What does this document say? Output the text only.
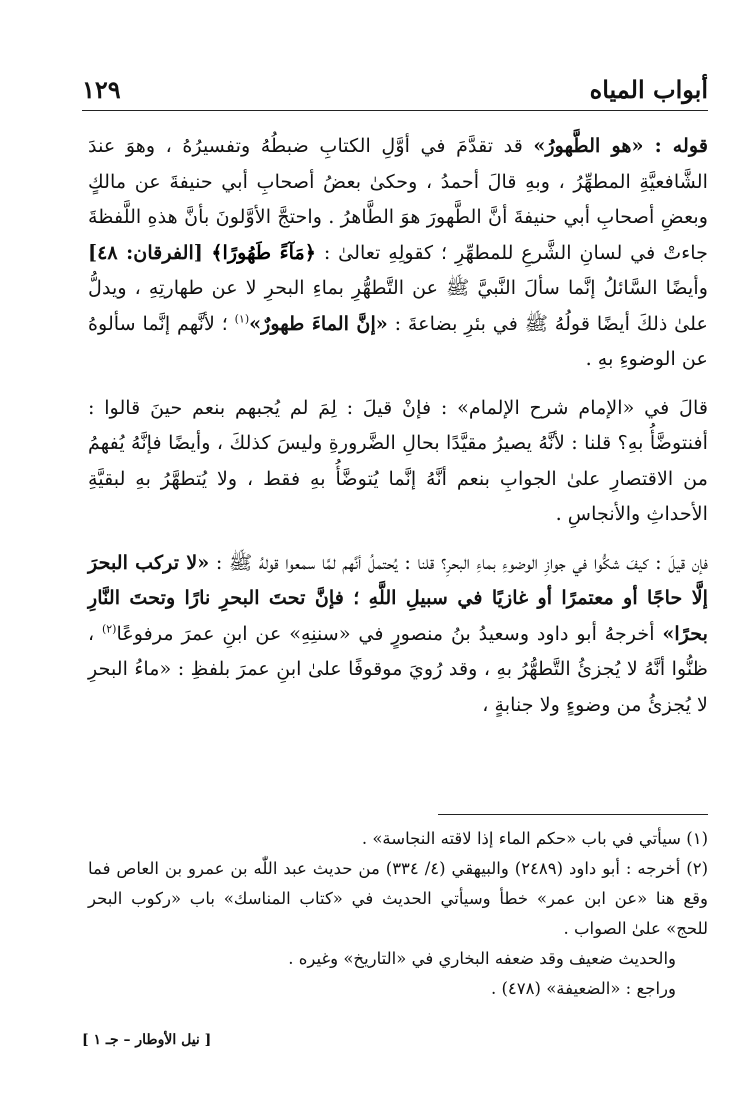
أبواب المياه
١٢٩

قوله : «هو الطَّهورُ» قد تقدَّمَ في أوَّلِ الكتابِ ضبطُهُ وتفسيرُهُ ، وهوَ عندَ الشَّافعيَّةِ المطهِّرُ ، وبهِ قالَ أحمدُ ، وحكىٰ بعضُ أصحابِ أبي حنيفةَ عن مالكٍ وبعضِ أصحابِ أبي حنيفةَ أنَّ الطَّهورَ هوَ الطَّاهرُ . واحتجَّ الأوَّلونَ بأنَّ هذهِ اللَّفظةَ جاءتْ في لسانِ الشَّرعِ للمطهِّرِ ؛ كقولِهِ تعالىٰ : ﴿مَآءً طَهُورًا﴾ [الفرقان: ٤٨] وأيضًا السَّائلُ إنَّما سألَ النَّبيَّ ﷺ عن التَّطهُّرِ بماءِ البحرِ لا عن طهارتِهِ ، ويدلُّ علىٰ ذلكَ أيضًا قولُهُ ﷺ في بئرِ بضاعةَ : «إنَّ الماءَ طهورٌ»$^{(١)}$ ؛ لأنَّهم إنَّما سألوهُ عن الوضوءِ بهِ .

قالَ في «الإمام شرح الإلمام» : فإنْ قيلَ : لِمَ لم يُجبهم بنعم حينَ قالوا : أفنتوضَّأُ بهِ؟ قلنا : لأنَّهُ يصيرُ مقيَّدًا بحالِ الضَّرورةِ وليسَ كذلكَ ، وأيضًا فإنَّهُ يُفهمُ من الاقتصارِ علىٰ الجوابِ بنعم أنَّهُ إنَّما يُتوضَّأُ بهِ فقط ، ولا يُتطهَّرُ بهِ لبقيَّةِ الأحداثِ والأنجاسِ .

فإن قيلَ : كيفَ شكُّوا في جوازِ الوضوءِ بماءِ البحرِ؟ قلنا : يُحتملُ أنَّهم لمَّا سمعوا قولهُ ﷺ : «لا تركب البحرَ إلَّا حاجًا أو معتمرًا أو غازيًا في سبيلِ اللَّهِ ؛ فإنَّ تحتَ البحرِ نارًا وتحتَ النَّارِ بحرًا» أخرجهُ أبو داود وسعيدُ بنُ منصورٍ في «سننِهِ» عن ابنِ عمرَ مرفوعًا$^{(٢)}$ ، ظنُّوا أنَّهُ لا يُجزئُ التَّطهُّرُ بهِ ، وقد رُويَ موقوفًا علىٰ ابنِ عمرَ بلفظِ : «ماءُ البحرِ لا يُجزئُ من وضوءٍ ولا جنابةٍ ،

(١) سيأتي في باب «حكم الماء إذا لاقته النجاسة» .

(٢) أخرجه : أبو داود (٢٤٨٩) والبيهقي (٤/ ٣٣٤) من حديث عبد اللّٰه بن عمرو بن العاص فما وقع هنا «عن ابن عمر» خطأ وسيأتي الحديث في «كتاب المناسك» باب «ركوب البحر للحج» علىٰ الصواب .

والحديث ضعيف وقد ضعفه البخاري في «التاريخ» وغيره .

وراجع : «الضعيفة» (٤٧٨) .

[ نيل الأوطار – جـ ١ ]
